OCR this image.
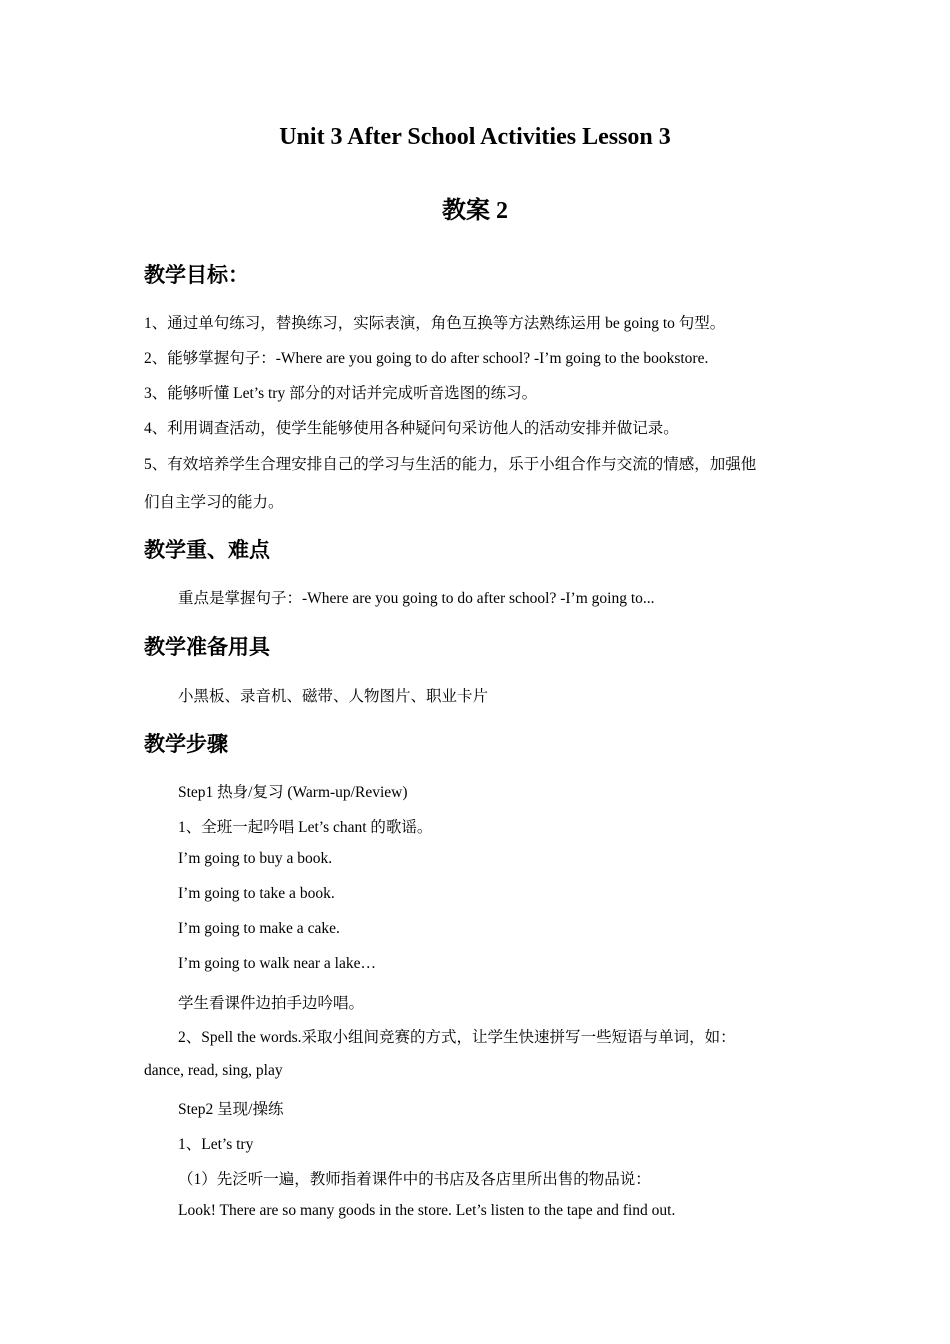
Unit 3 After School Activities Lesson 3
教案 2
教学目标：
1、通过单句练习，替换练习，实际表演，角色互换等方法熟练运用 be going to 句型。
2、能够掌握句子：-Where are you going to do after school? -I’m going to the bookstore.
3、能够听懂 Let’s try 部分的对话并完成听音选图的练习。
4、利用调查活动，使学生能够使用各种疑问句采访他人的活动安排并做记录。
5、有效培养学生合理安排自己的学习与生活的能力，乐于小组合作与交流的情感，加强他
们自主学习的能力。
教学重、难点
重点是掌握句子：-Where are you going to do after school? -I’m going to...
教学准备用具
小黑板、录音机、磁带、人物图片、职业卡片
教学步骤
Step1 热身/复习 (Warm-up/Review)
1、全班一起吟唱 Let’s chant 的歌谣。
I’m going to buy a book.
I’m going to take a book.
I’m going to make a cake.
I’m going to walk near a lake…
学生看课件边拍手边吟唱。
2、Spell the words.采取小组间竞赛的方式，让学生快速拼写一些短语与单词，如：
dance, read, sing, play
Step2 呈现/操练
1、Let’s try
（1）先泛听一遍，教师指着课件中的书店及各店里所出售的物品说：
Look! There are so many goods in the store. Let’s listen to the tape and find out.
